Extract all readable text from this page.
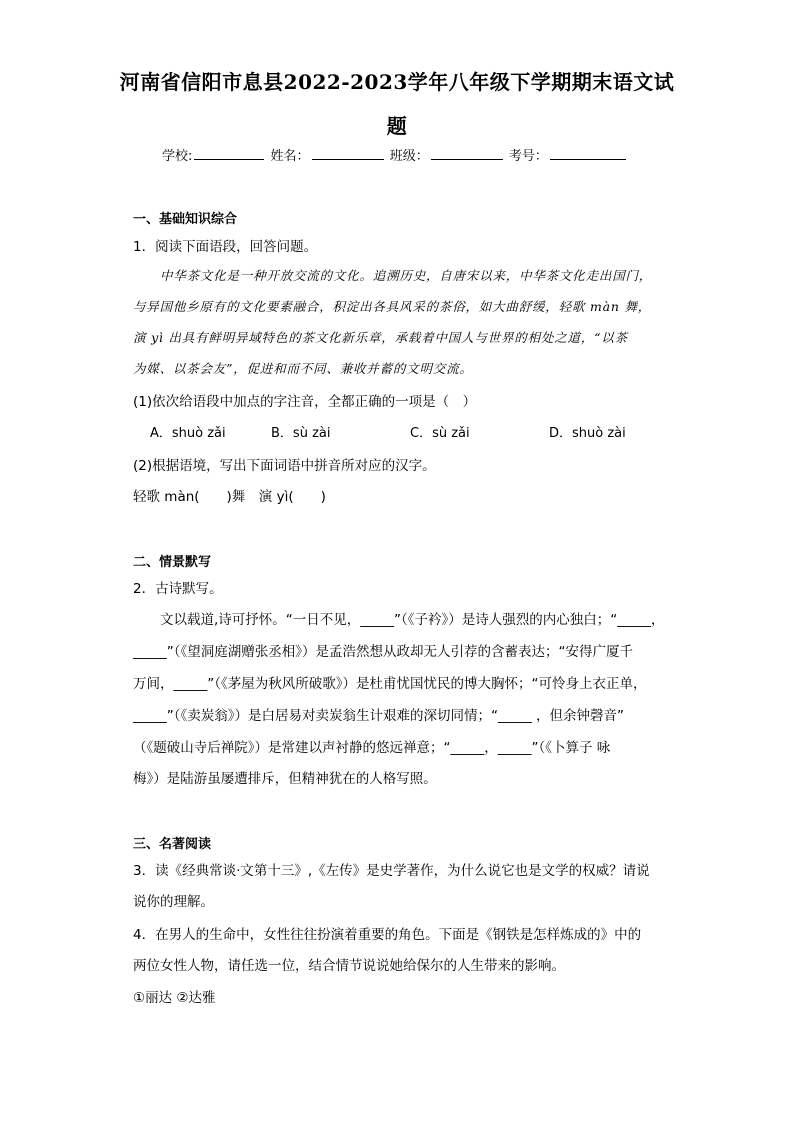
河南省信阳市息县2022-2023学年八年级下学期期末语文试
题
学校:	姓名：	班级：	考号：
一、基础知识综合
1．阅读下面语段，回答问题。
中华茶文化是一种开放交流的文化。追溯历史，自唐宋以来，中华茶文化走出国门，
与异国他乡原有的文化要素融合，积淀出各具风采的茶俗，如大曲舒缓，轻歌 màn 舞，
演 yì 出具有鲜明异域特色的茶文化新乐章，承载着中国人与世界的相处之道，“以茶
为媒、以茶会友”，促进和而不同、兼收并蓄的文明交流。
(1)依次给语段中加点的字注音，全都正确的一项是（　）
A．shuò zǎi	B．sù zài	C．sù zǎi	D．shuò zài
(2)根据语境，写出下面词语中拼音所对应的汉字。
轻歌 màn(　　)舞　演 yì(　　)
二、情景默写
2．古诗默写。
文以载道,诗可抒怀。“一日不见，_____”（《子衿》）是诗人强烈的内心独白；“_____，
_____”（《望洞庭湖赠张丞相》）是孟浩然想从政却无人引荐的含蓄表达；“安得广厦千
万间，_____”（《茅屋为秋风所破歌》）是杜甫忧国忧民的博大胸怀；“可怜身上衣正单，
_____”（《卖炭翁》）是白居易对卖炭翁生计艰难的深切同情；“_____ ，但余钟磬音”
（《题破山寺后禅院》）是常建以声衬静的悠远禅意；“_____，_____”（《卜算子 咏
梅》）是陆游虽屡遭排斥，但精神犹在的人格写照。
三、名著阅读
3．读《经典常谈·文第十三》,《左传》是史学著作，为什么说它也是文学的权威？请说
说你的理解。
4．在男人的生命中，女性往往扮演着重要的角色。下面是《钢铁是怎样炼成的》中的
两位女性人物，请任选一位，结合情节说说她给保尔的人生带来的影响。
①丽达 ②达雅
